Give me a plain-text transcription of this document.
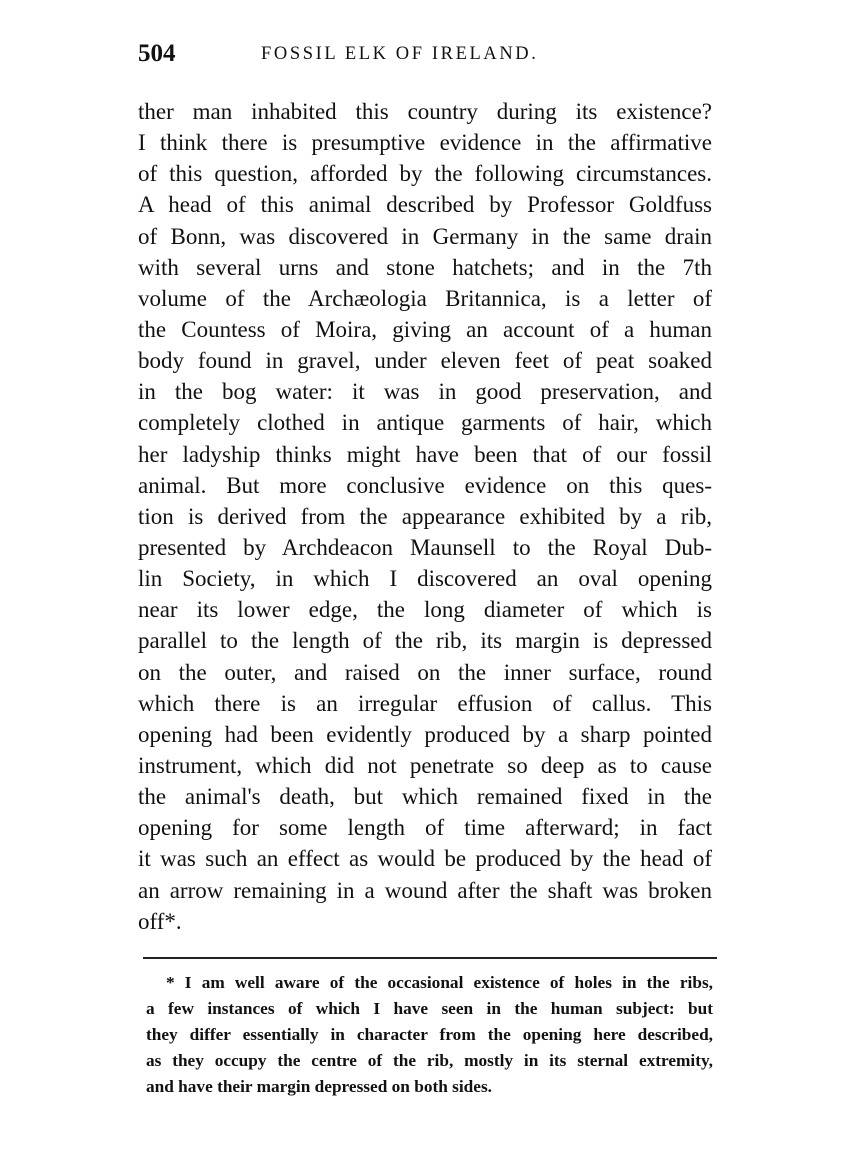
504	FOSSIL ELK OF IRELAND.
ther man inhabited this country during its existence?
I think there is presumptive evidence in the affirmative
of this question, afforded by the following circumstances.
A head of this animal described by Professor Goldfuss
of Bonn, was discovered in Germany in the same drain
with several urns and stone hatchets; and in the 7th
volume of the Archæologia Britannica, is a letter of
the Countess of Moira, giving an account of a human
body found in gravel, under eleven feet of peat soaked
in the bog water: it was in good preservation, and
completely clothed in antique garments of hair, which
her ladyship thinks might have been that of our fossil
animal. But more conclusive evidence on this ques-
tion is derived from the appearance exhibited by a rib,
presented by Archdeacon Maunsell to the Royal Dub-
lin Society, in which I discovered an oval opening
near its lower edge, the long diameter of which is
parallel to the length of the rib, its margin is depressed
on the outer, and raised on the inner surface, round
which there is an irregular effusion of callus. This
opening had been evidently produced by a sharp pointed
instrument, which did not penetrate so deep as to cause
the animal's death, but which remained fixed in the
opening for some length of time afterward; in fact
it was such an effect as would be produced by the head of
an arrow remaining in a wound after the shaft was broken
off*.
* I am well aware of the occasional existence of holes in the ribs,
a few instances of which I have seen in the human subject: but
they differ essentially in character from the opening here described,
as they occupy the centre of the rib, mostly in its sternal extremity,
and have their margin depressed on both sides.
